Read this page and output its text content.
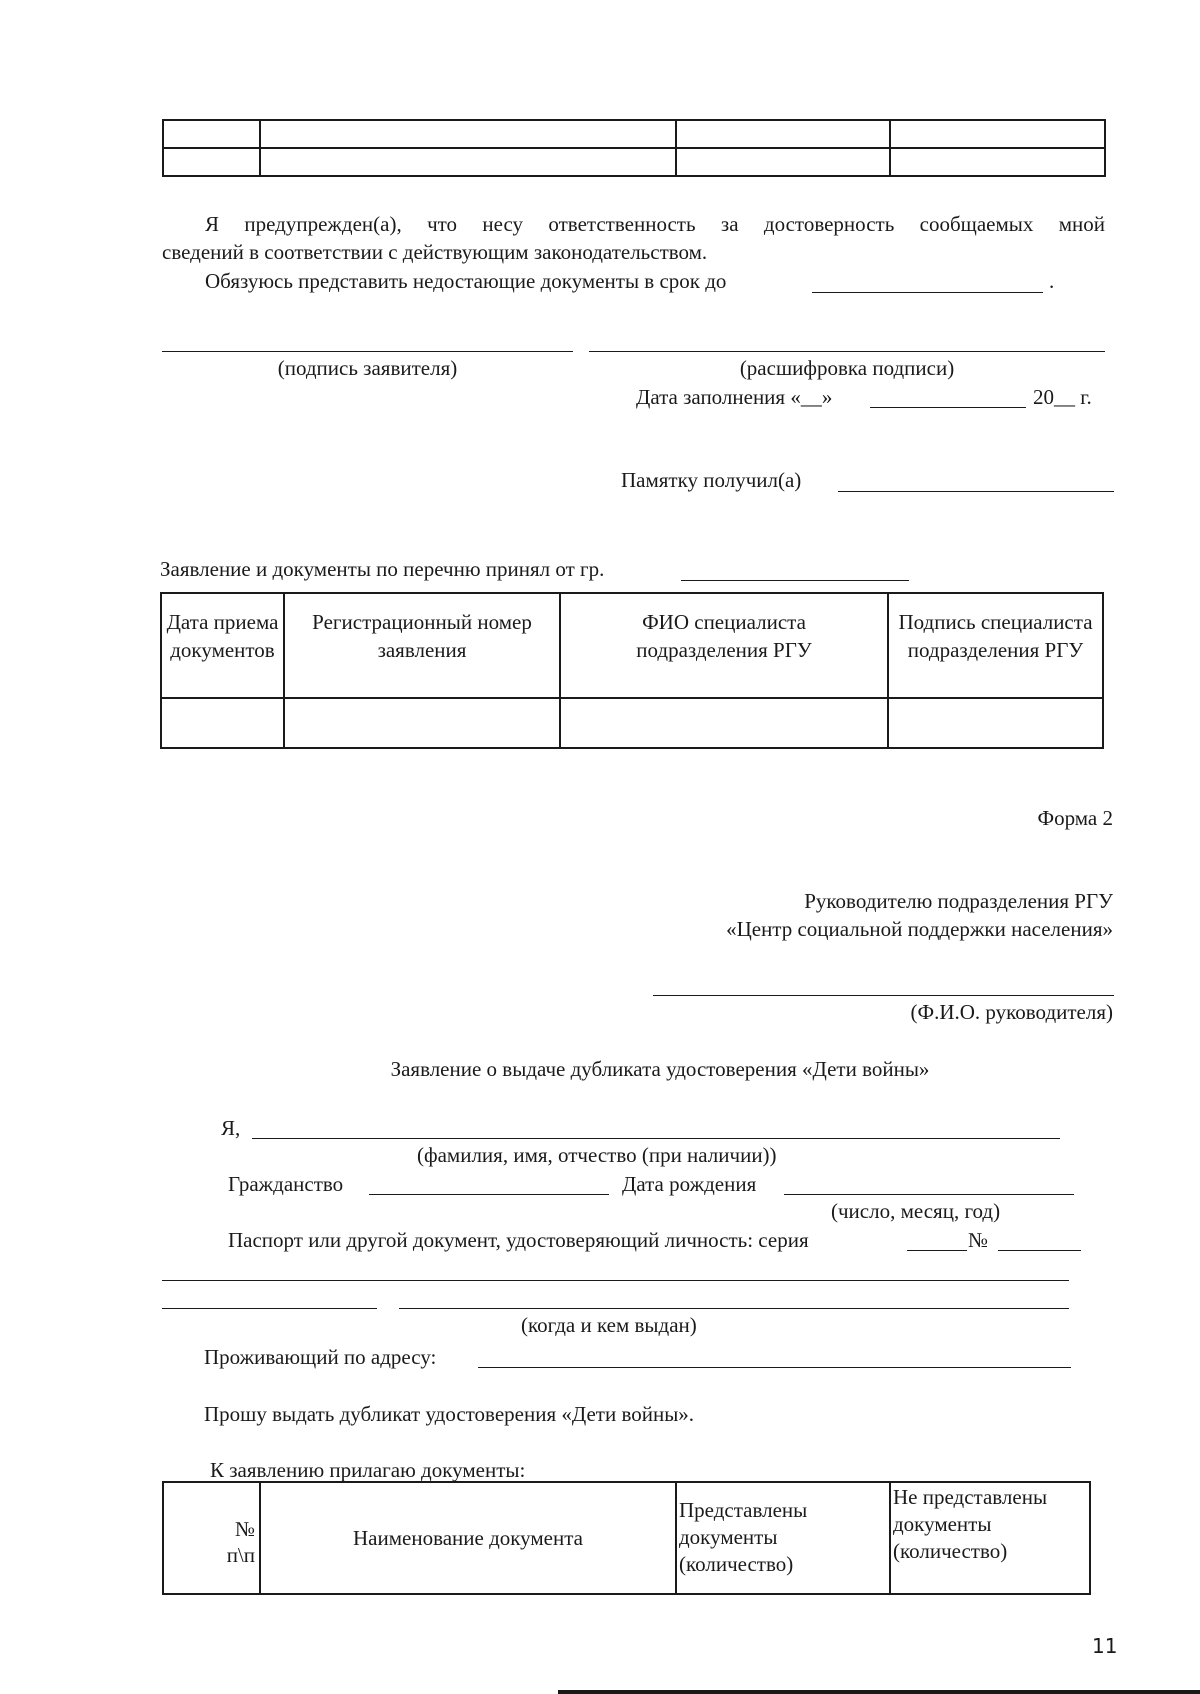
Я предупрежден(а), что несу ответственность за достоверность сообщаемых мной
сведений в соответствии с действующим законодательством.
Обязуюсь представить недостающие документы в срок до	.
(подпись заявителя)	(расшифровка подписи)
Дата заполнения «__»	20__ г.
Памятку получил(а)
Заявление и документы по перечню принял от гр.
Дата приема документов	Регистрационный номер заявления	ФИО специалиста подразделения РГУ	Подпись специалиста подразделения РГУ

Форма 2
Руководителю подразделения РГУ
«Центр социальной поддержки населения»
(Ф.И.О. руководителя)
Заявление о выдаче дубликата удостоверения «Дети войны»
Я,
(фамилия, имя, отчество (при наличии))
Гражданство	Дата рождения
(число, месяц, год)
Паспорт или другой документ, удостоверяющий личность: серия	№
(когда и кем выдан)
Проживающий по адресу:
Прошу выдать дубликат удостоверения «Дети войны».
К заявлению прилагаю документы:
№ п\п	Наименование документа	Представлены документы (количество)	Не представлены документы (количество)
11
